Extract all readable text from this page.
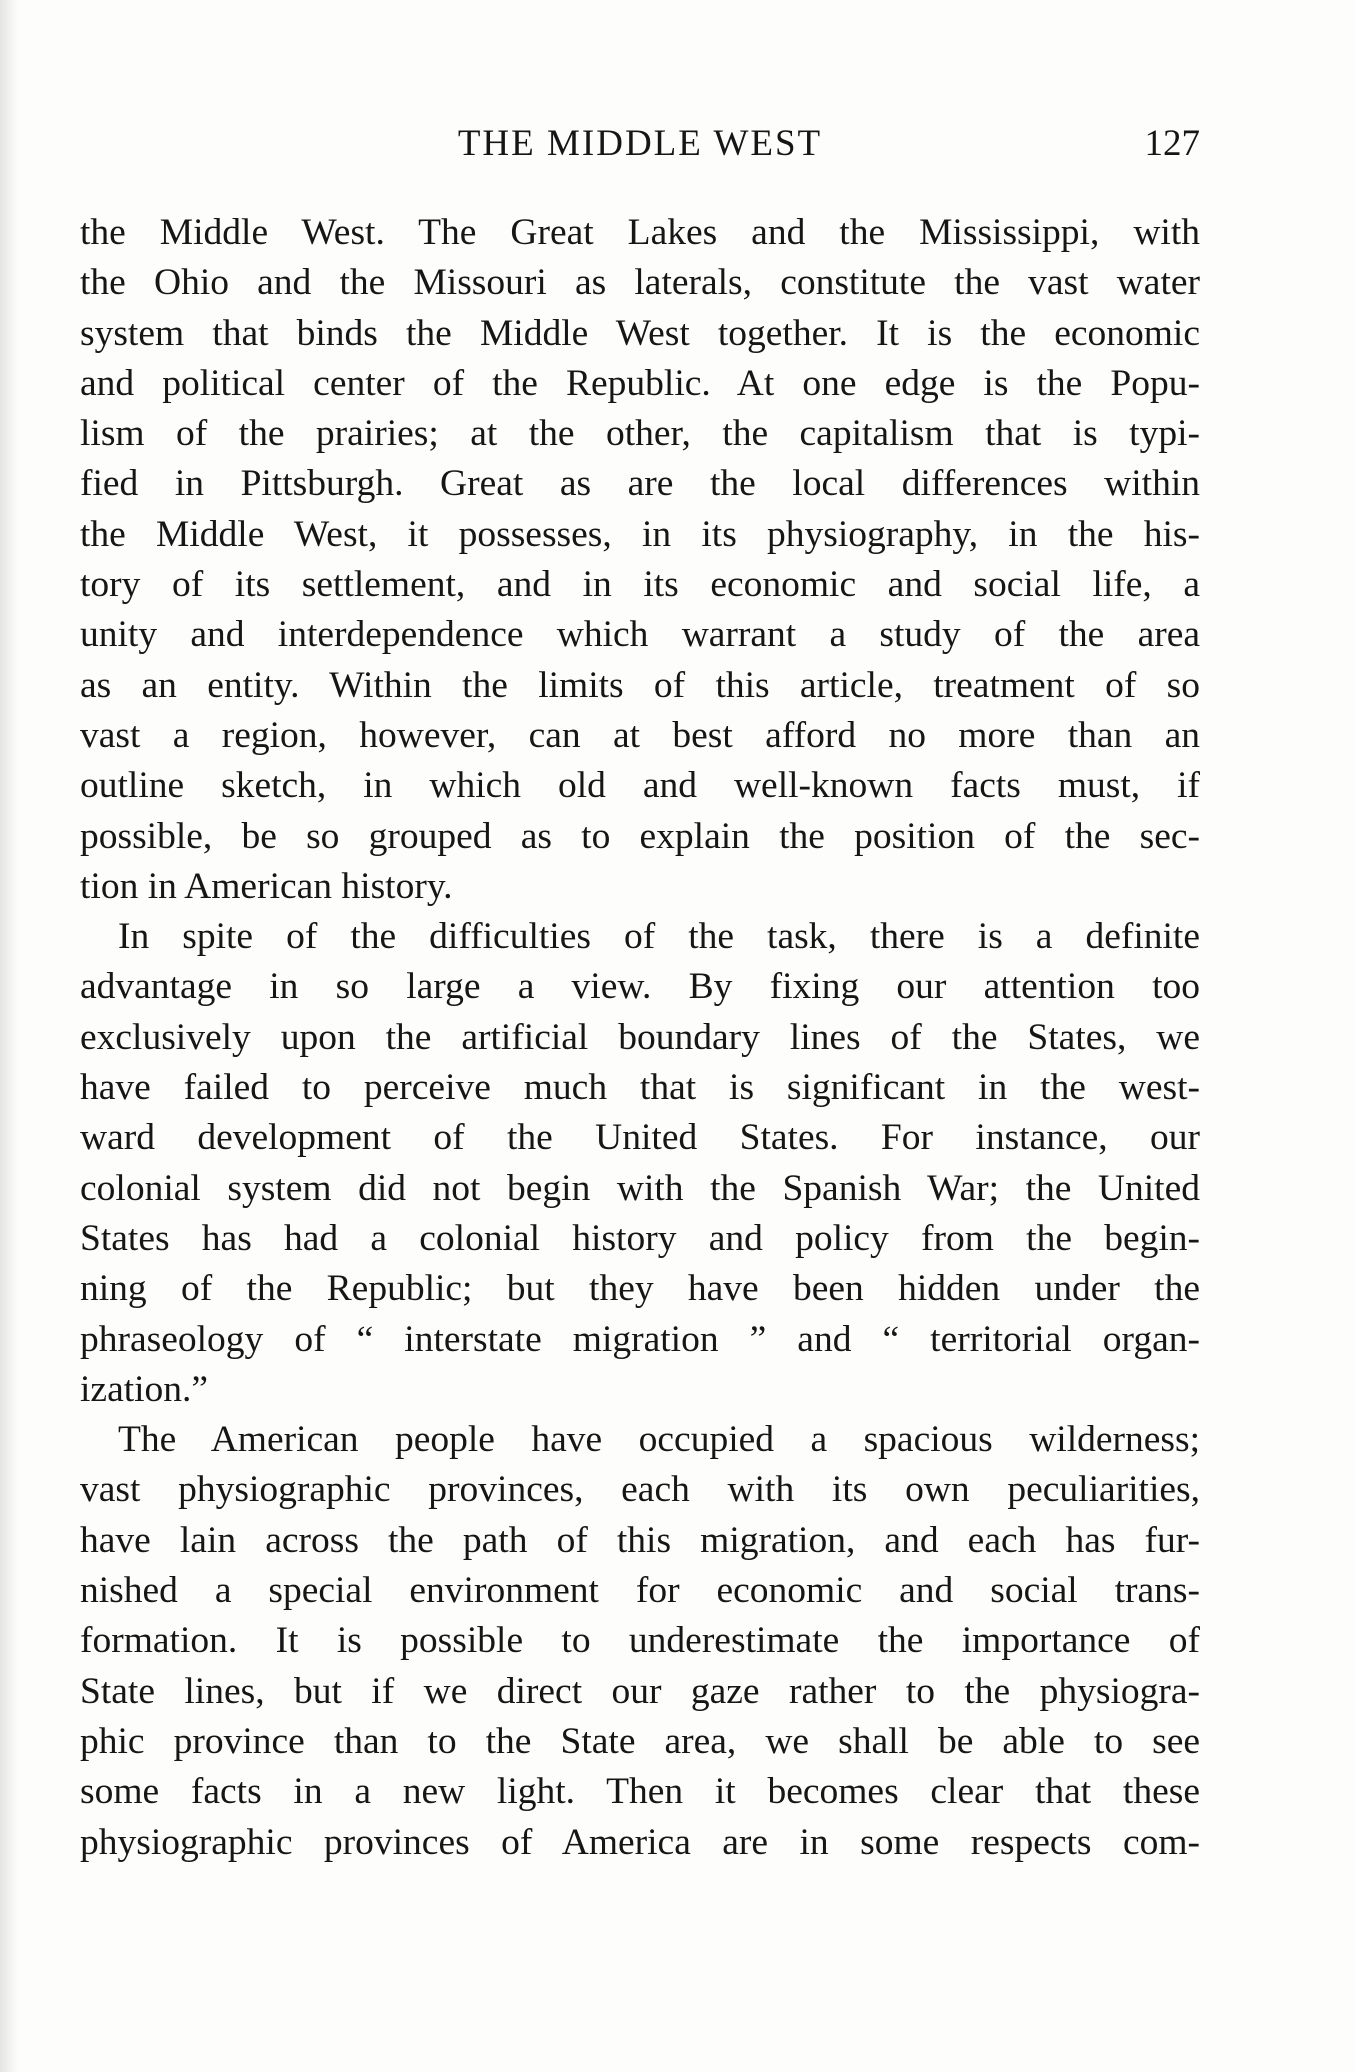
THE MIDDLE WEST	127
the Middle West. The Great Lakes and the Mississippi, with
the Ohio and the Missouri as laterals, constitute the vast water
system that binds the Middle West together. It is the economic
and political center of the Republic. At one edge is the Popu-
lism of the prairies; at the other, the capitalism that is typi-
fied in Pittsburgh. Great as are the local differences within
the Middle West, it possesses, in its physiography, in the his-
tory of its settlement, and in its economic and social life, a
unity and interdependence which warrant a study of the area
as an entity. Within the limits of this article, treatment of so
vast a region, however, can at best afford no more than an
outline sketch, in which old and well-known facts must, if
possible, be so grouped as to explain the position of the sec-
tion in American history.
In spite of the difficulties of the task, there is a definite
advantage in so large a view. By fixing our attention too
exclusively upon the artificial boundary lines of the States, we
have failed to perceive much that is significant in the west-
ward development of the United States. For instance, our
colonial system did not begin with the Spanish War; the United
States has had a colonial history and policy from the begin-
ning of the Republic; but they have been hidden under the
phraseology of “ interstate migration ” and “ territorial organ-
ization.”
The American people have occupied a spacious wilderness;
vast physiographic provinces, each with its own peculiarities,
have lain across the path of this migration, and each has fur-
nished a special environment for economic and social trans-
formation. It is possible to underestimate the importance of
State lines, but if we direct our gaze rather to the physiogra-
phic province than to the State area, we shall be able to see
some facts in a new light. Then it becomes clear that these
physiographic provinces of America are in some respects com-
